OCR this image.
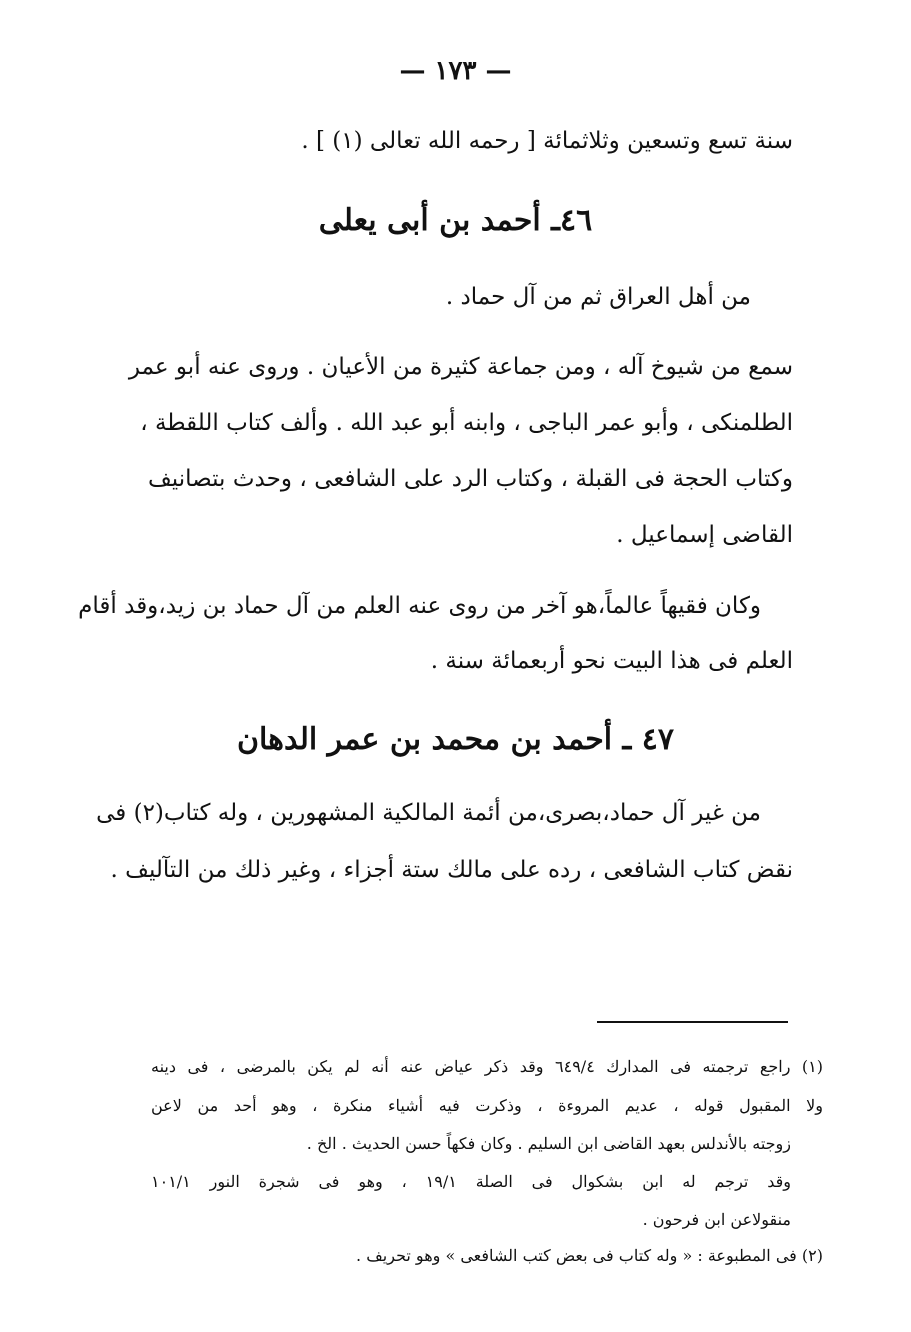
— ١٧٣ —
سنة تسع وتسعين وثلاثمائة [ رحمه الله تعالى (١) ] .
٤٦ـ أحمد بن أبى يعلى
من أهل العراق ثم من آل حماد .
سمع من شيوخ آله ، ومن جماعة كثيرة من الأعيان . وروى عنه أبو عمر
الطلمنكى ، وأبو عمر الباجى ، وابنه أبو عبد الله . وألف كتاب اللقطة ،
وكتاب الحجة فى القبلة ، وكتاب الرد على الشافعى ، وحدث بتصانيف
القاضى إسماعيل .
وكان فقيهاً عالماً،هو آخر من روى عنه العلم من آل حماد بن زيد،وقد أقام
العلم فى هذا البيت نحو أربعمائة سنة .
٤٧ ـ أحمد بن محمد بن عمر الدهان
من غير آل حماد،بصرى،من أئمة المالكية المشهورين ، وله كتاب(٢) فى
نقض كتاب الشافعى ، رده على مالك ستة أجزاء ، وغير ذلك من التآليف .
(١) راجع ترجمته فى المدارك ٦٤٩/٤ وقد ذكر عياض عنه أنه لم يكن بالمرضى ، فى دينه
ولا المقبول قوله ، عديم المروءة ، وذكرت فيه أشياء منكرة ، وهو أحد من لاعن
زوجته بالأندلس بعهد القاضى ابن السليم . وكان فكهاً حسن الحديث . الخ .
وقد ترجم له ابن بشكوال فى الصلة ١٩/١ ، وهو فى شجرة النور ١٠١/١
منقولاعن ابن فرحون .
(٢) فى المطبوعة : « وله كتاب فى بعض كتب الشافعى » وهو تحريف .
